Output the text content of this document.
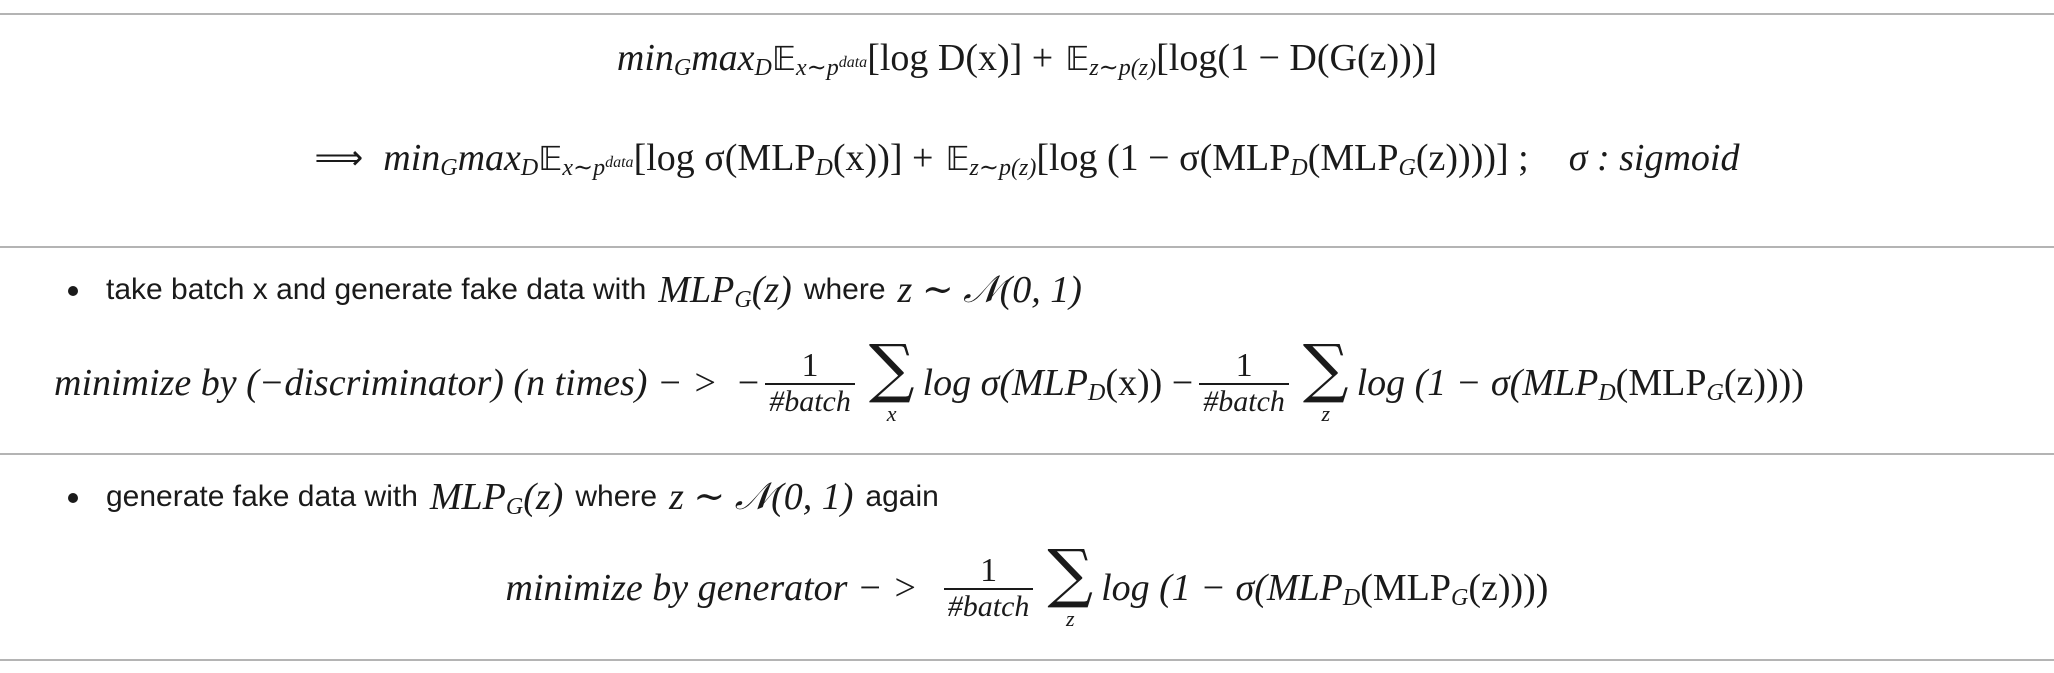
min G max D 𝔼 x∼p data [log D(x)] + 𝔼 z∼p(z) [log(1 − D(G(z)))]
⟹ min G max D 𝔼 x∼p data [log σ(MLP D (x))] + 𝔼 z∼p(z) [log (1 − σ(MLP D (MLP G (z))))] ; σ : sigmoid
take batch x and generate fake data with MLP G (z) where z ∼ 𝒩(0, 1)
minimize by (−discriminator) (n times) − > − $\frac{1}{\text{\#batch}}$ ∑
x
log σ(MLP D $(x)) - \frac{1}{\text{\#batch}}$ ∑
z
log (1 − σ(MLP D (MLP G (z))))
generate fake data with MLP G (z) where z ∼ 𝒩(0, 1) again
minimize by generator − > $\frac{1}{\text{\#batch}}$ ∑
z
log (1 − σ(MLP D (MLP G (z))))
